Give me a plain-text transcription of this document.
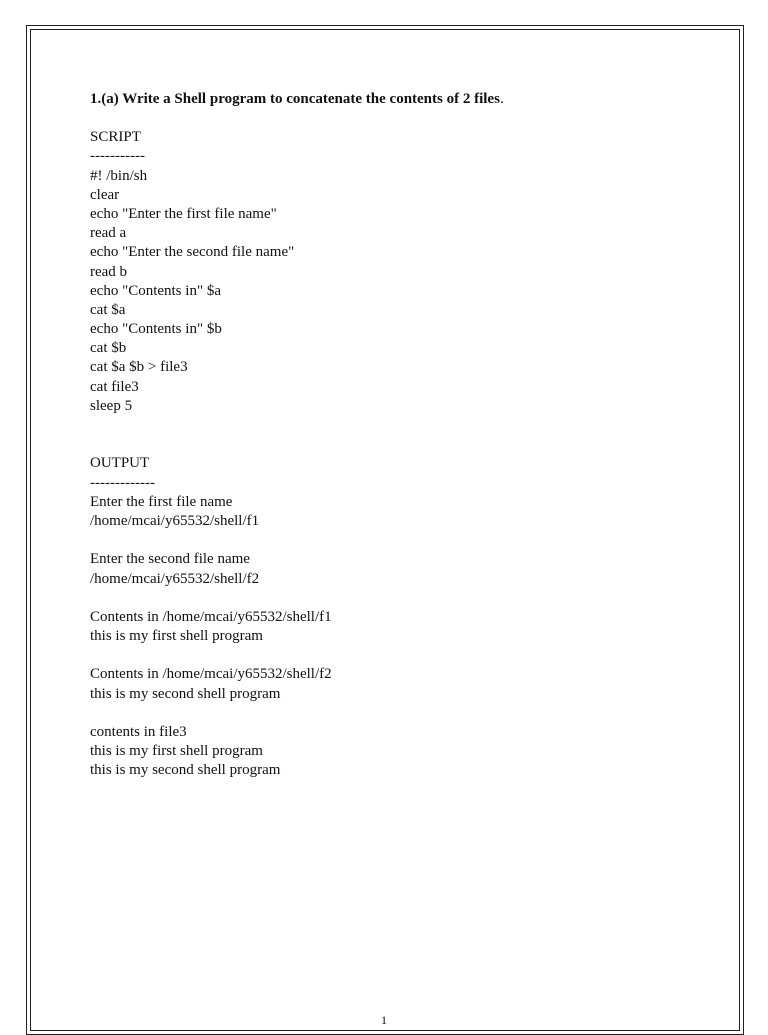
1.(a) Write a Shell program to concatenate the contents of 2 files.
SCRIPT
-----------
#! /bin/sh
clear
echo "Enter the first file name"
read a
echo "Enter the second file name"
read b
echo "Contents in" $a
cat $a
echo "Contents in" $b
cat $b
cat $a $b > file3
cat file3
sleep 5
OUTPUT
-------------
Enter the first file name
/home/mcai/y65532/shell/f1
Enter the second file name
/home/mcai/y65532/shell/f2
Contents in /home/mcai/y65532/shell/f1
this is my first shell program
Contents in /home/mcai/y65532/shell/f2
this is my second shell program
contents in file3
this is my first shell program
this is my second shell program
1
